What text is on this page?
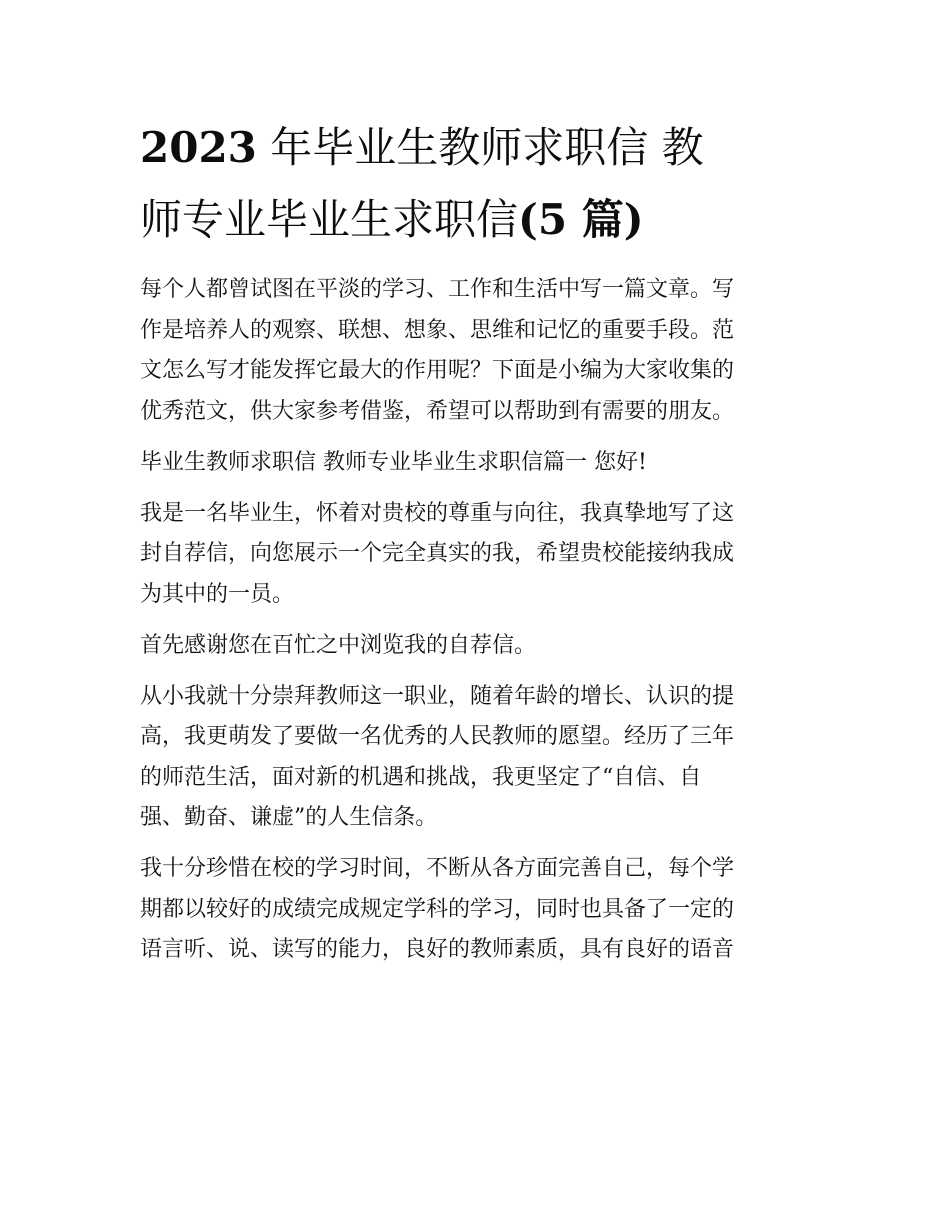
2023 年毕业生教师求职信 教
师专业毕业生求职信(5 篇)

每个人都曾试图在平淡的学习、工作和生活中写一篇文章。写
作是培养人的观察、联想、想象、思维和记忆的重要手段。范
文怎么写才能发挥它最大的作用呢？下面是小编为大家收集的
优秀范文，供大家参考借鉴，希望可以帮助到有需要的朋友。

毕业生教师求职信 教师专业毕业生求职信篇一 您好!

我是一名毕业生，怀着对贵校的尊重与向往，我真挚地写了这
封自荐信，向您展示一个完全真实的我，希望贵校能接纳我成
为其中的一员。

首先感谢您在百忙之中浏览我的自荐信。

从小我就十分崇拜教师这一职业，随着年龄的增长、认识的提
高，我更萌发了要做一名优秀的人民教师的愿望。经历了三年
的师范生活，面对新的机遇和挑战，我更坚定了“自信、自
强、勤奋、谦虚”的人生信条。

我十分珍惜在校的学习时间，不断从各方面完善自己，每个学
期都以较好的成绩完成规定学科的学习，同时也具备了一定的
语言听、说、读写的能力，良好的教师素质，具有良好的语音
